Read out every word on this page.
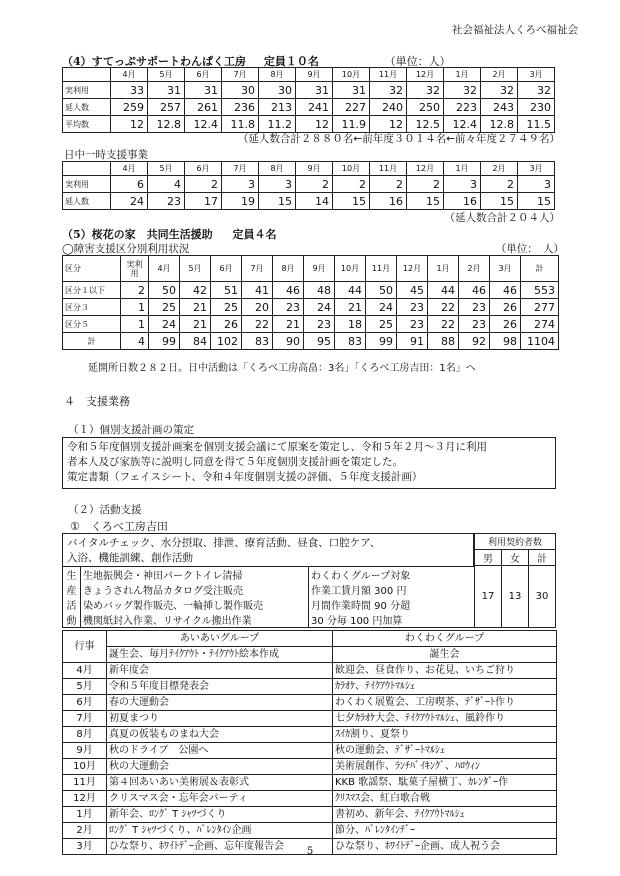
社会福祉法人くろべ福祉会
（4）すてっぷサポートわんぱく工房 定員１０名	（単位：人）
	4月	5月	6月	7月	8月	9月	10月	11月	12月	1月	2月	3月
実利用	33	31	31	30	30	31	31	32	32	32	32	32
延人数	259	257	261	236	213	241	227	240	250	223	243	230
平均数	12	12.8	12.4	11.8	11.2	12	11.9	12	12.5	12.4	12.8	11.5
（延人数合計２８８０名←前年度３０１４名←前々年度２７４９名）
日中一時支援事業
	4月	5月	6月	7月	8月	9月	10月	11月	12月	1月	2月	3月
実利用	6	4	2	3	3	2	2	2	2	3	2	3
延人数	24	23	17	19	15	14	15	16	15	16	15	15
（延人数合計２０４人）
（5）桜花の家　共同生活援助 定員４名
◯障害支援区分別利用状況	（単位：　人）
区分	実利用	4月	5月	6月	7月	8月	9月	10月	11月	12月	1月	2月	3月	計
区分１以下	2	50	42	51	41	46	48	44	50	45	44	46	46	553
区分３	1	25	21	25	20	23	24	21	24	23	22	23	26	277
区分５	1	24	21	26	22	21	23	18	25	23	22	23	26	274
計	4	99	84	102	83	90	95	83	99	91	88	92	98	1104
延開所日数２８２日。日中活動は「くろべ工房高畠：3名」「くろべ工房吉田：1名」へ
４　支援業務
（１）個別支援計画の策定
令和５年度個別支援計画案を個別支援会議にて原案を策定し、令和５年２月〜３月に利用
者本人及び家族等に説明し同意を得て５年度個別支援計画を策定した。
策定書類（フェイスシート、令和４年度個別支援の評価、５年度支援計画）
（２）活動支援
①　くろべ工房吉田
バイタルチェック、水分摂取、排泄、療育活動、昼食、口腔ケア、
入浴、機能訓練、創作活動
利用契約者数		
男	女	計
17	13	30
生	生地振興会・神田パークトイレ清掃	わくわくグループ対象
産	きょうされん物品カタログ受注販売	作業工賃月額 300 円
活	染めバッグ製作販売、一輪挿し製作販売	月間作業時間 90 分超
動	機関紙封入作業、リサイクル搬出作業	30 分毎 100 円加算
行事	あいあいグループ	わくわくグループ
	誕生会、毎月ﾃｲｸｱｳﾄ・ﾃｲｸｱｳﾄ絵本作成	誕生会
4月	新年度会	歓迎会、昼食作り、お花見、いちご狩り
5月	令和５年度目標発表会	ｶﾗｵｹ、ﾃｲｸｱｳﾄﾏﾙｼｪ
6月	春の大運動会	わくわく展覧会、工房喫茶、ﾃﾞｻﾞｰﾄ作り
7月	初夏まつり	七夕ｶﾗｵｹ大会、ﾃｲｸｱｳﾄﾏﾙｼｪ、風鈴作り
8月	真夏の仮装ものまね大会	ｽｲｶ割り、夏祭り
9月	秋のドライブ　公園へ	秋の運動会、ﾃﾞｻﾞｰﾄﾏﾙｼｪ
10月	秋の大運動会	美術展創作、ﾗﾝﾁﾊﾞｲｷﾝｸﾞ、ﾊﾛｳｨﾝ
11月	第４回あいあい美術展＆表彰式	KKB 歌謡祭、駄菓子屋横丁、ｶﾚﾝﾀﾞｰ作
12月	クリスマス会・忘年会パーティ	ｸﾘｽﾏｽ会、紅白歌合戦
1月	新年会、ﾛﾝｸﾞ T ｼｬﾂづくり	書初め、新年会、ﾃｲｸｱｳﾄﾏﾙｼｪ
2月	ﾛﾝｸﾞ T ｼｬﾂづくり、ﾊﾞﾚﾝﾀｲﾝ企画	節分、ﾊﾞﾚﾝﾀｲﾝﾃﾞｰ
3月	ひな祭り、ﾎﾜｲﾄﾃﾞｰ企画、忘年度報告会	ひな祭り、ﾎﾜｲﾄﾃﾞｰ企画、成人祝う会
5
